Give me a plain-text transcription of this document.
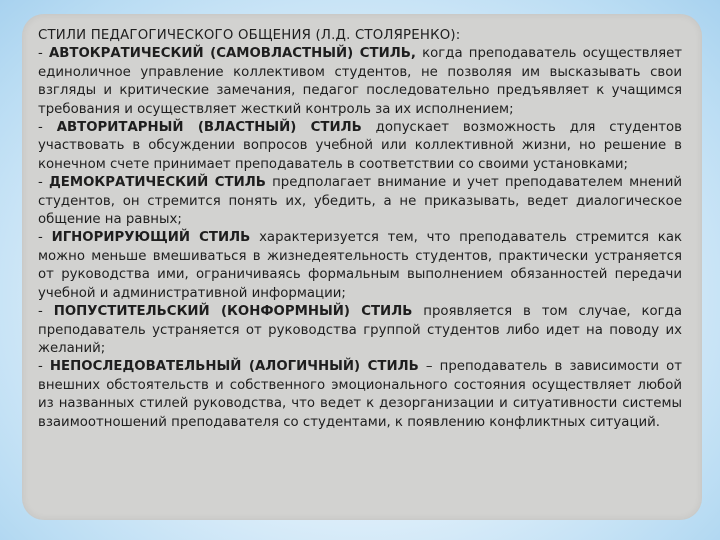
СТИЛИ ПЕДАГОГИЧЕСКОГО ОБЩЕНИЯ (Л.Д. СТОЛЯРЕНКО):

- АВТОКРАТИЧЕСКИЙ (САМОВЛАСТНЫЙ) СТИЛЬ, когда преподаватель осуществляет единоличное управление коллективом студентов, не позволяя им высказывать свои взгляды и критические замечания, педагог последовательно предъявляет к учащимся требования и осуществляет жесткий контроль за их исполнением;

- АВТОРИТАРНЫЙ (ВЛАСТНЫЙ) СТИЛЬ допускает возможность для студентов участвовать в обсуждении вопросов учебной или коллективной жизни, но решение в конечном счете принимает преподаватель в соответствии со своими установками;

- ДЕМОКРАТИЧЕСКИЙ СТИЛЬ предполагает внимание и учет преподавателем мнений студентов, он стремится понять их, убедить, а не приказывать, ведет диалогическое общение на равных;

- ИГНОРИРУЮЩИЙ СТИЛЬ характеризуется тем, что преподаватель стремится как можно меньше вмешиваться в жизнедеятельность студентов, практически устраняется от руководства ими, ограничиваясь формальным выполнением обязанностей передачи учебной и административной информации;

- ПОПУСТИТЕЛЬСКИЙ (КОНФОРМНЫЙ) СТИЛЬ проявляется в том случае, когда преподаватель устраняется от руководства группой студентов либо идет на поводу их желаний;

- НЕПОСЛЕДОВАТЕЛЬНЫЙ (АЛОГИЧНЫЙ) СТИЛЬ – преподаватель в зависимости от внешних обстоятельств и собственного эмоционального состояния осуществляет любой из названных стилей руководства, что ведет к дезорганизации и ситуативности системы взаимоотношений преподавателя со студентами, к появлению конфликтных ситуаций.
